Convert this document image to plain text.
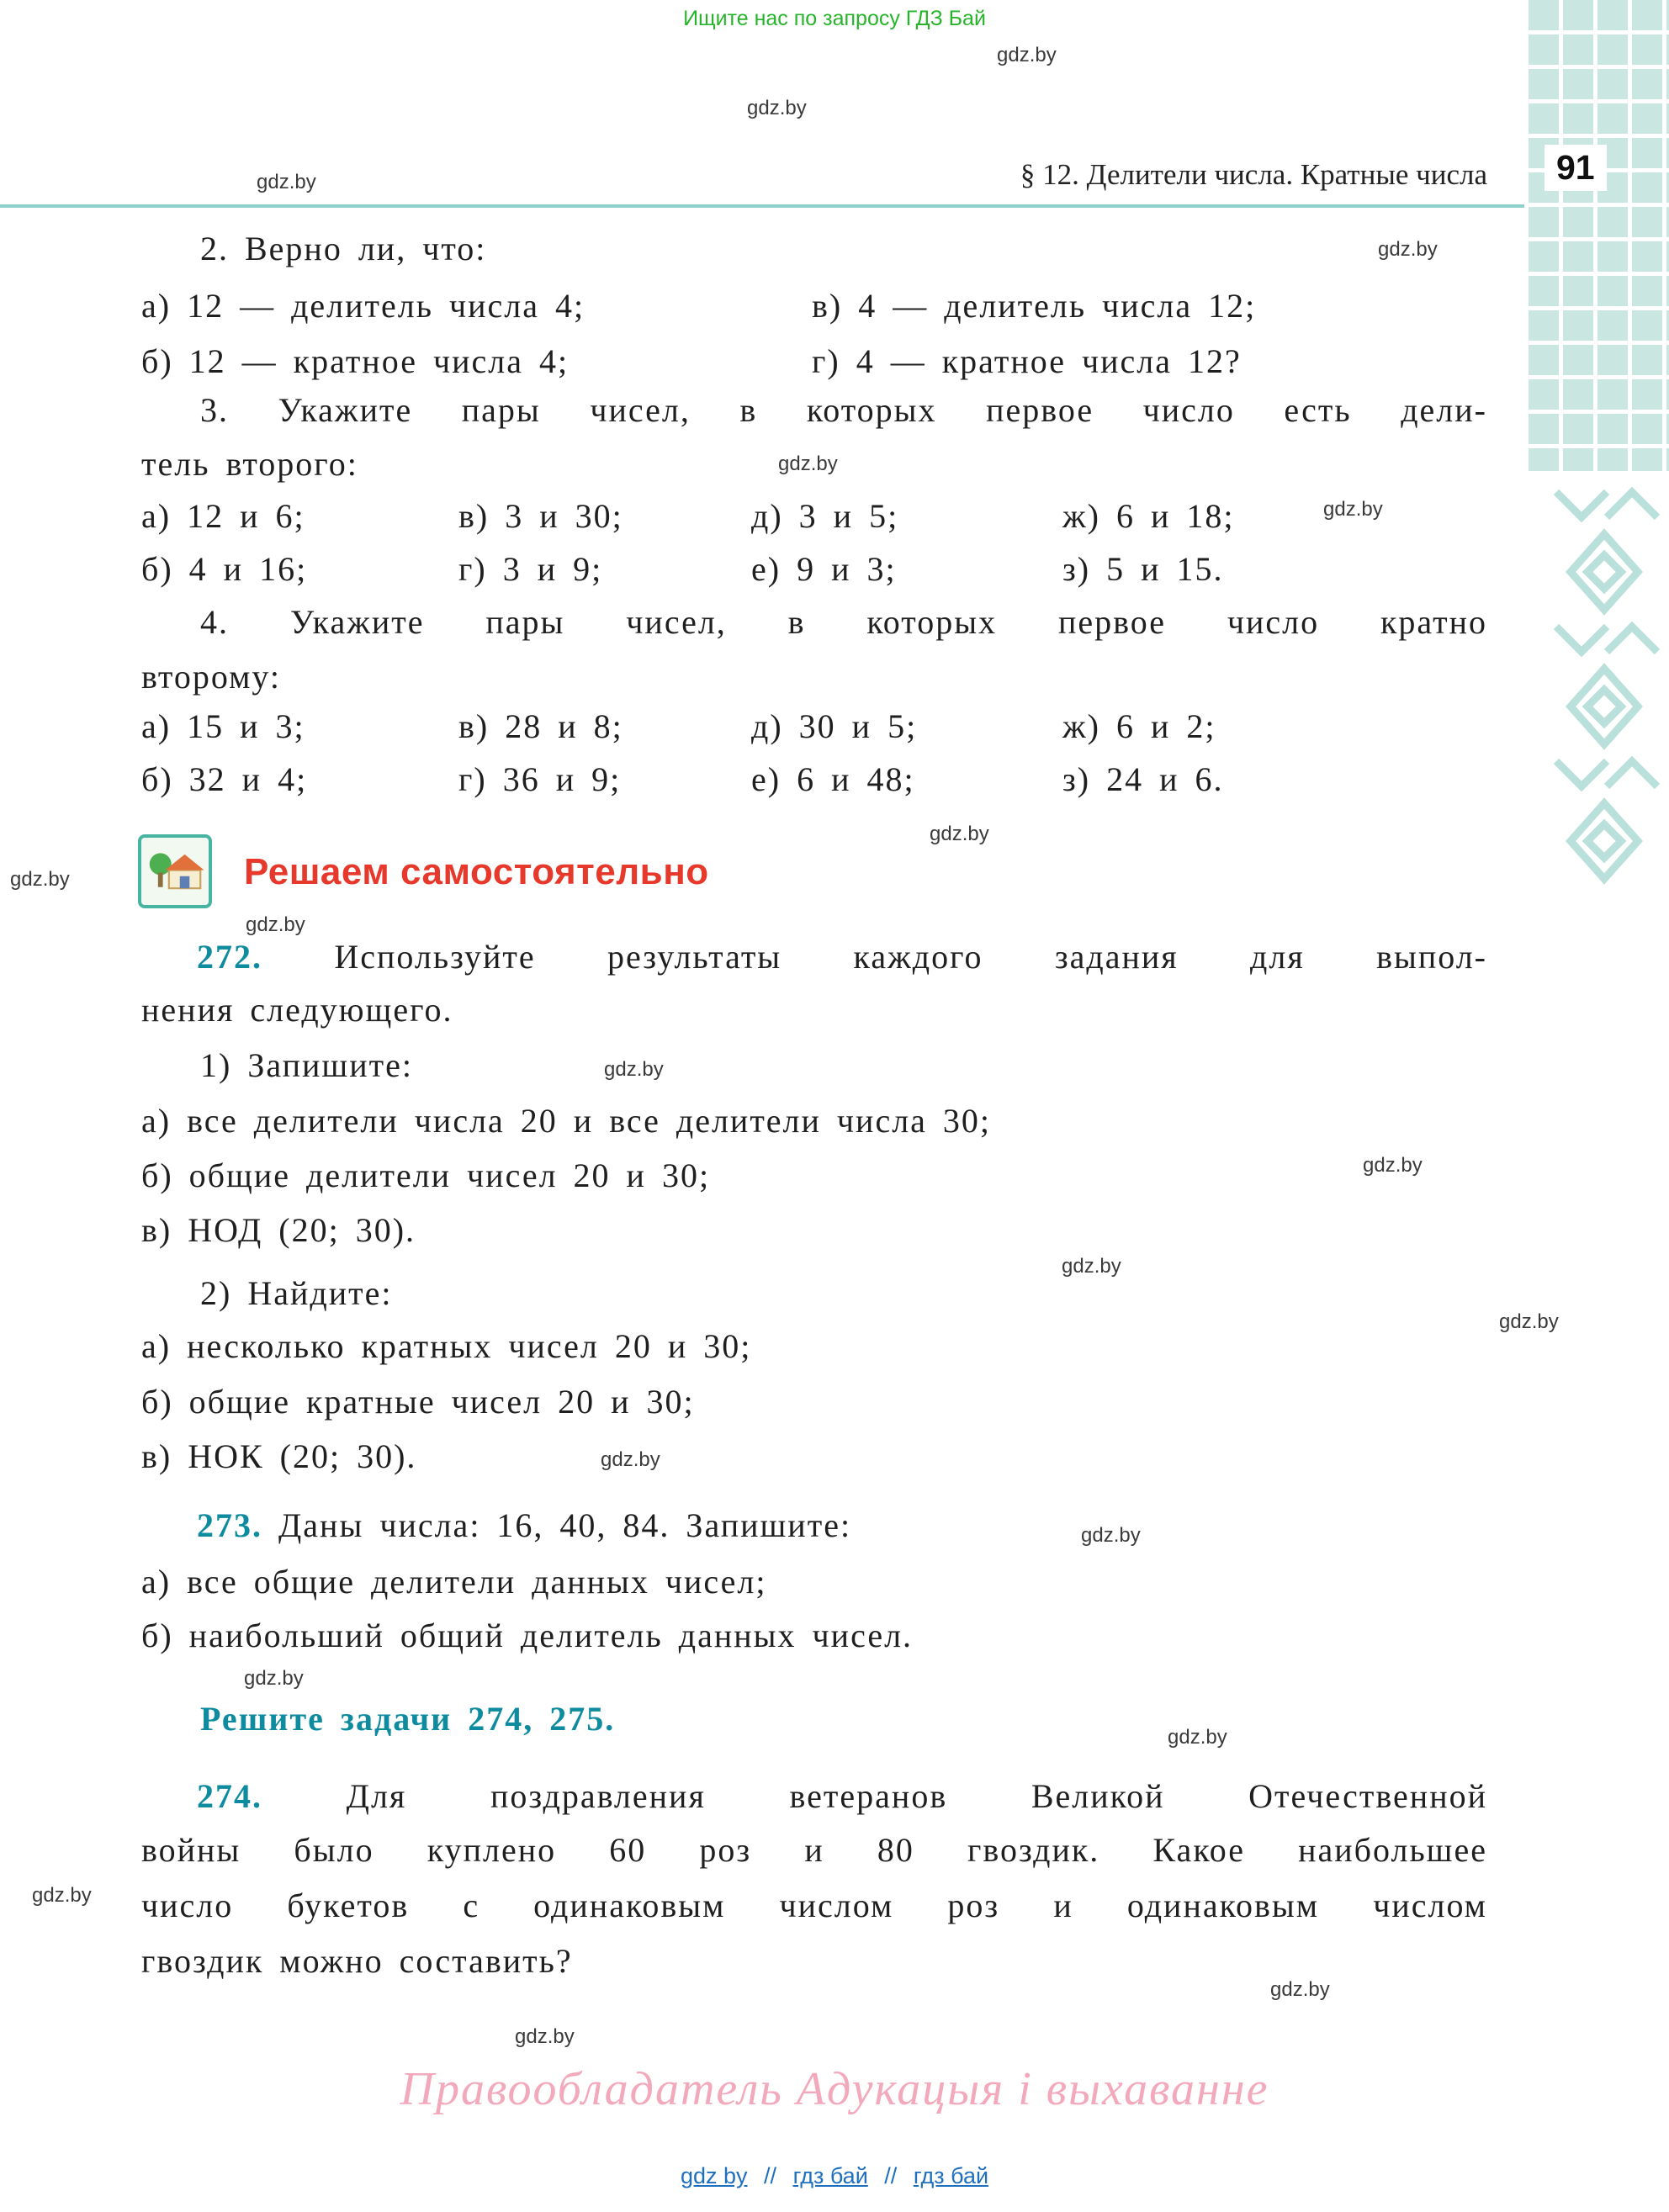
Ищите нас по запросу ГДЗ Бай
gdz.by
gdz.by
gdz.by
gdz.by
gdz.by
gdz.by
gdz.by
gdz.by
gdz.by
gdz.by
gdz.by
gdz.by
gdz.by
gdz.by
gdz.by
gdz.by
gdz.by
gdz.by
gdz.by
gdz.by
§ 12. Делители числа. Кратные числа	91
2. Верно ли, что:
а) 12 — делитель числа 4;	в) 4 — делитель числа 12;
б) 12 — кратное числа 4;	г) 4 — кратное числа 12?
3. Укажите пары чисел, в которых первое число есть дели-
тель второго:
а) 12 и 6;	в) 3 и 30;	д) 3 и 5;	ж) 6 и 18;
б) 4 и 16;	г) 3 и 9;	е) 9 и 3;	з) 5 и 15.
4. Укажите пары чисел, в которых первое число кратно
второму:
а) 15 и 3;	в) 28 и 8;	д) 30 и 5;	ж) 6 и 2;
б) 32 и 4;	г) 36 и 9;	е) 6 и 48;	з) 24 и 6.
Решаем самостоятельно
272. Используйте результаты каждого задания для выпол-
нения следующего.
1) Запишите:
а) все делители числа 20 и все делители числа 30;
б) общие делители чисел 20 и 30;
в) НОД (20; 30).
2) Найдите:
а) несколько кратных чисел 20 и 30;
б) общие кратные чисел 20 и 30;
в) НОК (20; 30).
273. Даны числа: 16, 40, 84. Запишите:
а) все общие делители данных чисел;
б) наибольший общий делитель данных чисел.
Решите задачи 274, 275.
274. Для поздравления ветеранов Великой Отечественной
войны было куплено 60 роз и 80 гвоздик. Какое наибольшее
число букетов с одинаковым числом роз и одинаковым числом
гвоздик можно составить?
Правообладатель Адукацыя і выхаванне
gdz by // гдз бай // гдз бай
